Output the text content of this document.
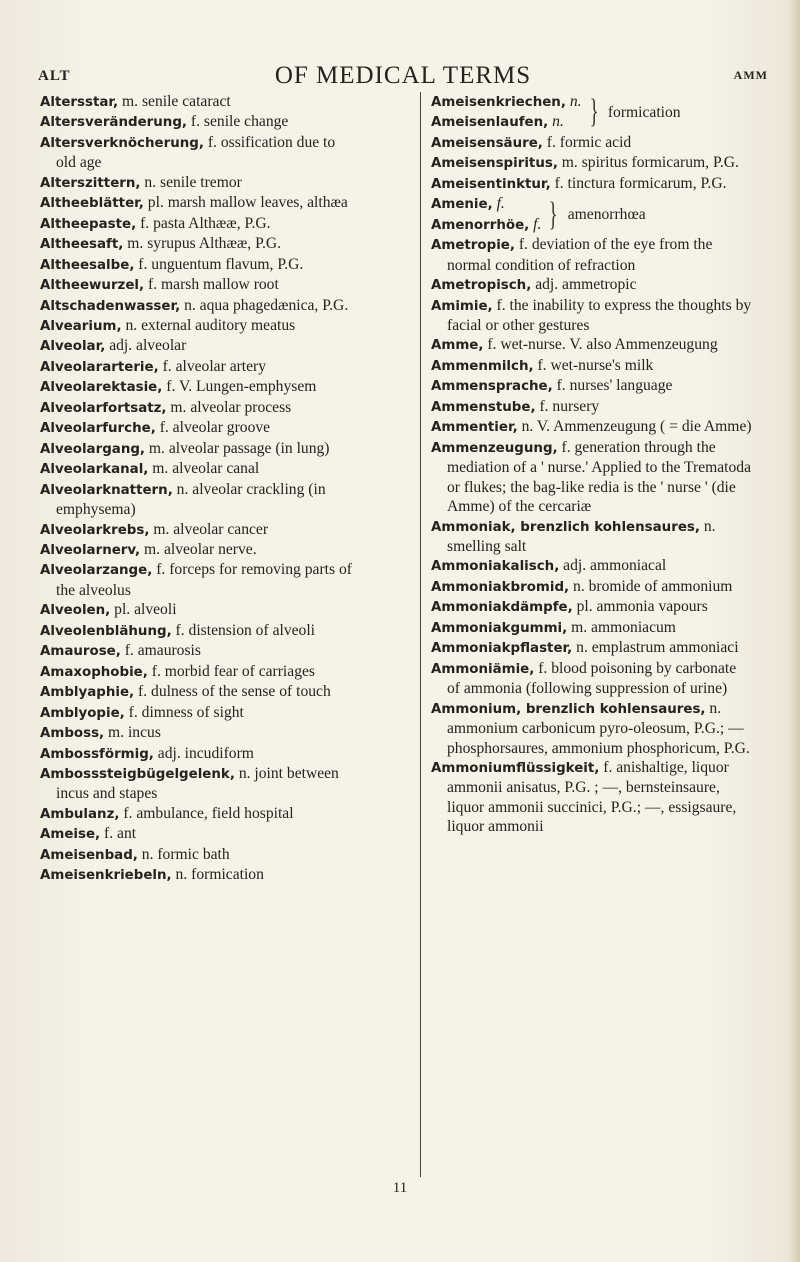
ALT	OF MEDICAL TERMS	AMM

Altersstar, m. senile cataract

Altersveränderung, f. senile change

Altersverknöcherung, f. ossification due to old age

Alterszittern, n. senile tremor

Altheeblätter, pl. marsh mallow leaves, althæa

Altheepaste, f. pasta Althææ, P.G.

Altheesaft, m. syrupus Althææ, P.G.

Altheesalbe, f. unguentum flavum, P.G.

Altheewurzel, f. marsh mallow root

Altschadenwasser, n. aqua phagedænica, P.G.

Alvearium, n. external auditory meatus

Alveolar, adj. alveolar

Alveolararterie, f. alveolar artery

Alveolarektasie, f. V. Lungen-emphysem

Alveolarfortsatz, m. alveolar process

Alveolarfurche, f. alveolar groove

Alveolargang, m. alveolar passage (in lung)

Alveolarkanal, m. alveolar canal

Alveolarknattern, n. alveolar crackling (in emphysema)

Alveolarkrebs, m. alveolar cancer

Alveolarnerv, m. alveolar nerve.

Alveolarzange, f. forceps for removing parts of the alveolus

Alveolen, pl. alveoli

Alveolenblähung, f. distension of alveoli

Amaurose, f. amaurosis

Amaxophobie, f. morbid fear of carriages

Amblyaphie, f. dulness of the sense of touch

Amblyopie, f. dimness of sight

Amboss, m. incus

Ambossförmig, adj. incudiform

Ambosssteigbügelgelenk, n. joint between incus and stapes

Ambulanz, f. ambulance, field hospital

Ameise, f. ant

Ameisenbad, n. formic bath

Ameisenkriebeln, n. formication

Ameisenkriechen, n.
Ameisenlaufen, n. } formication

Ameisensäure, f. formic acid

Ameisenspiritus, m. spiritus formicarum, P.G.

Ameisentinktur, f. tinctura formicarum, P.G.

Amenie, f.
Amenorrhöe, f. } amenorrhœa

Ametropie, f. deviation of the eye from the normal condition of refraction

Ametropisch, adj. ammetropic

Amimie, f. the inability to express the thoughts by facial or other gestures

Amme, f. wet-nurse. V. also Ammenzeugung

Ammenmilch, f. wet-nurse's milk

Ammensprache, f. nurses' language

Ammenstube, f. nursery

Ammentier, n. V. Ammenzeugung ( = die Amme)

Ammenzeugung, f. generation through the mediation of a ' nurse.' Applied to the Trematoda or flukes; the bag-like redia is the ' nurse ' (die Amme) of the cercariæ

Ammoniak, brenzlich kohlensaures, n. smelling salt

Ammoniakalisch, adj. ammoniacal

Ammoniakbromid, n. bromide of ammonium

Ammoniakdämpfe, pl. ammonia vapours

Ammoniakgummi, m. ammoniacum

Ammoniakpflaster, n. emplastrum ammoniaci

Ammoniämie, f. blood poisoning by carbonate of ammonia (following suppression of urine)

Ammonium, brenzlich kohlensaures, n. ammonium carbonicum pyro-oleosum, P.G.; — phosphorsaures, ammonium phosphoricum, P.G.

Ammoniumflüssigkeit, f. anishaltige, liquor ammonii anisatus, P.G. ; —, bernsteinsaure, liquor ammonii succinici, P.G.; —, essigsaure, liquor ammonii

11
